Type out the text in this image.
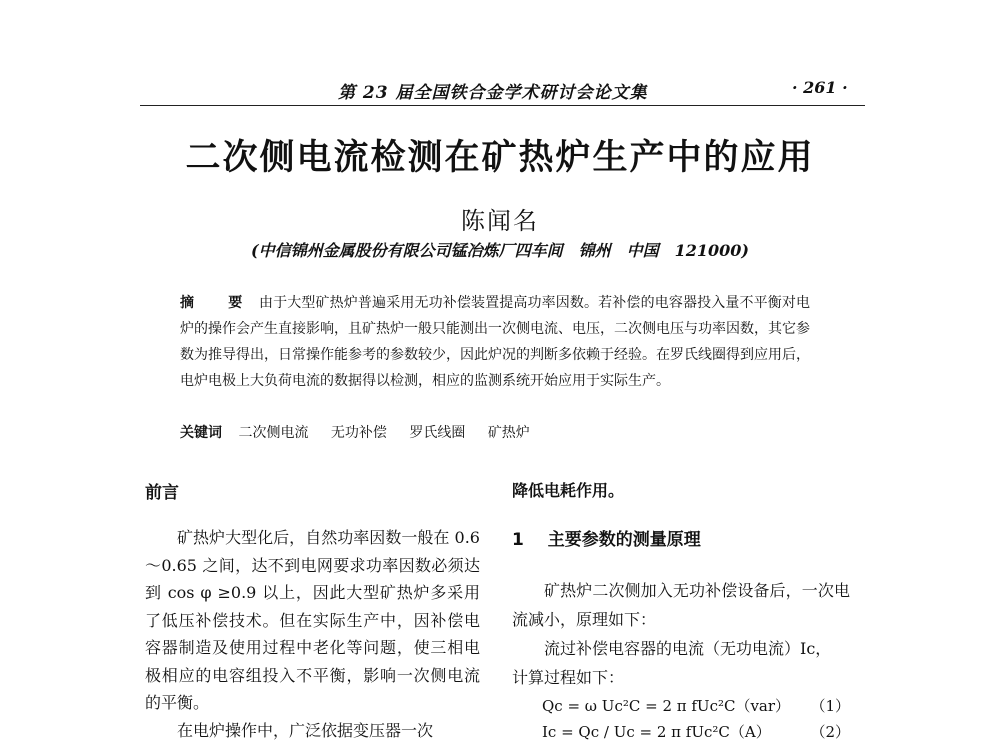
第 23 届全国铁合金学术研讨会论文集	· 261 ·
二次侧电流检测在矿热炉生产中的应用
陈闻名
(中信锦州金属股份有限公司锰冶炼厂四车间　锦州　中国　121000)
摘　要 由于大型矿热炉普遍采用无功补偿装置提高功率因数。若补偿的电容器投入量不平衡对电炉的操作会产生直接影响，且矿热炉一般只能测出一次侧电流、电压，二次侧电压与功率因数，其它参数为推导得出，日常操作能参考的参数较少，因此炉况的判断多依赖于经验。在罗氏线圈得到应用后，电炉电极上大负荷电流的数据得以检测，相应的监测系统开始应用于实际生产。
关键词 二次侧电流 无功补偿 罗氏线圈 矿热炉
前言

矿热炉大型化后，自然功率因数一般在 0.6～0.65 之间，达不到电网要求功率因数必须达到 cos φ ≥0.9 以上，因此大型矿热炉多采用了低压补偿技术。但在实际生产中，因补偿电容器制造及使用过程中老化等问题，使三相电极相应的电容组投入不平衡，影响一次侧电流的平衡。

在电炉操作中，广泛依据变压器一次

降低电耗作用。
1 主要参数的测量原理

矿热炉二次侧加入无功补偿设备后，一次电流减小，原理如下：

流过补偿电容器的电流（无功电流）Ic，

计算过程如下：

Qc = ω Uc²C = 2 π fUc²C（var） （1）
Ic = Qc / Uc = 2 π fUc²C（A）	（2）
